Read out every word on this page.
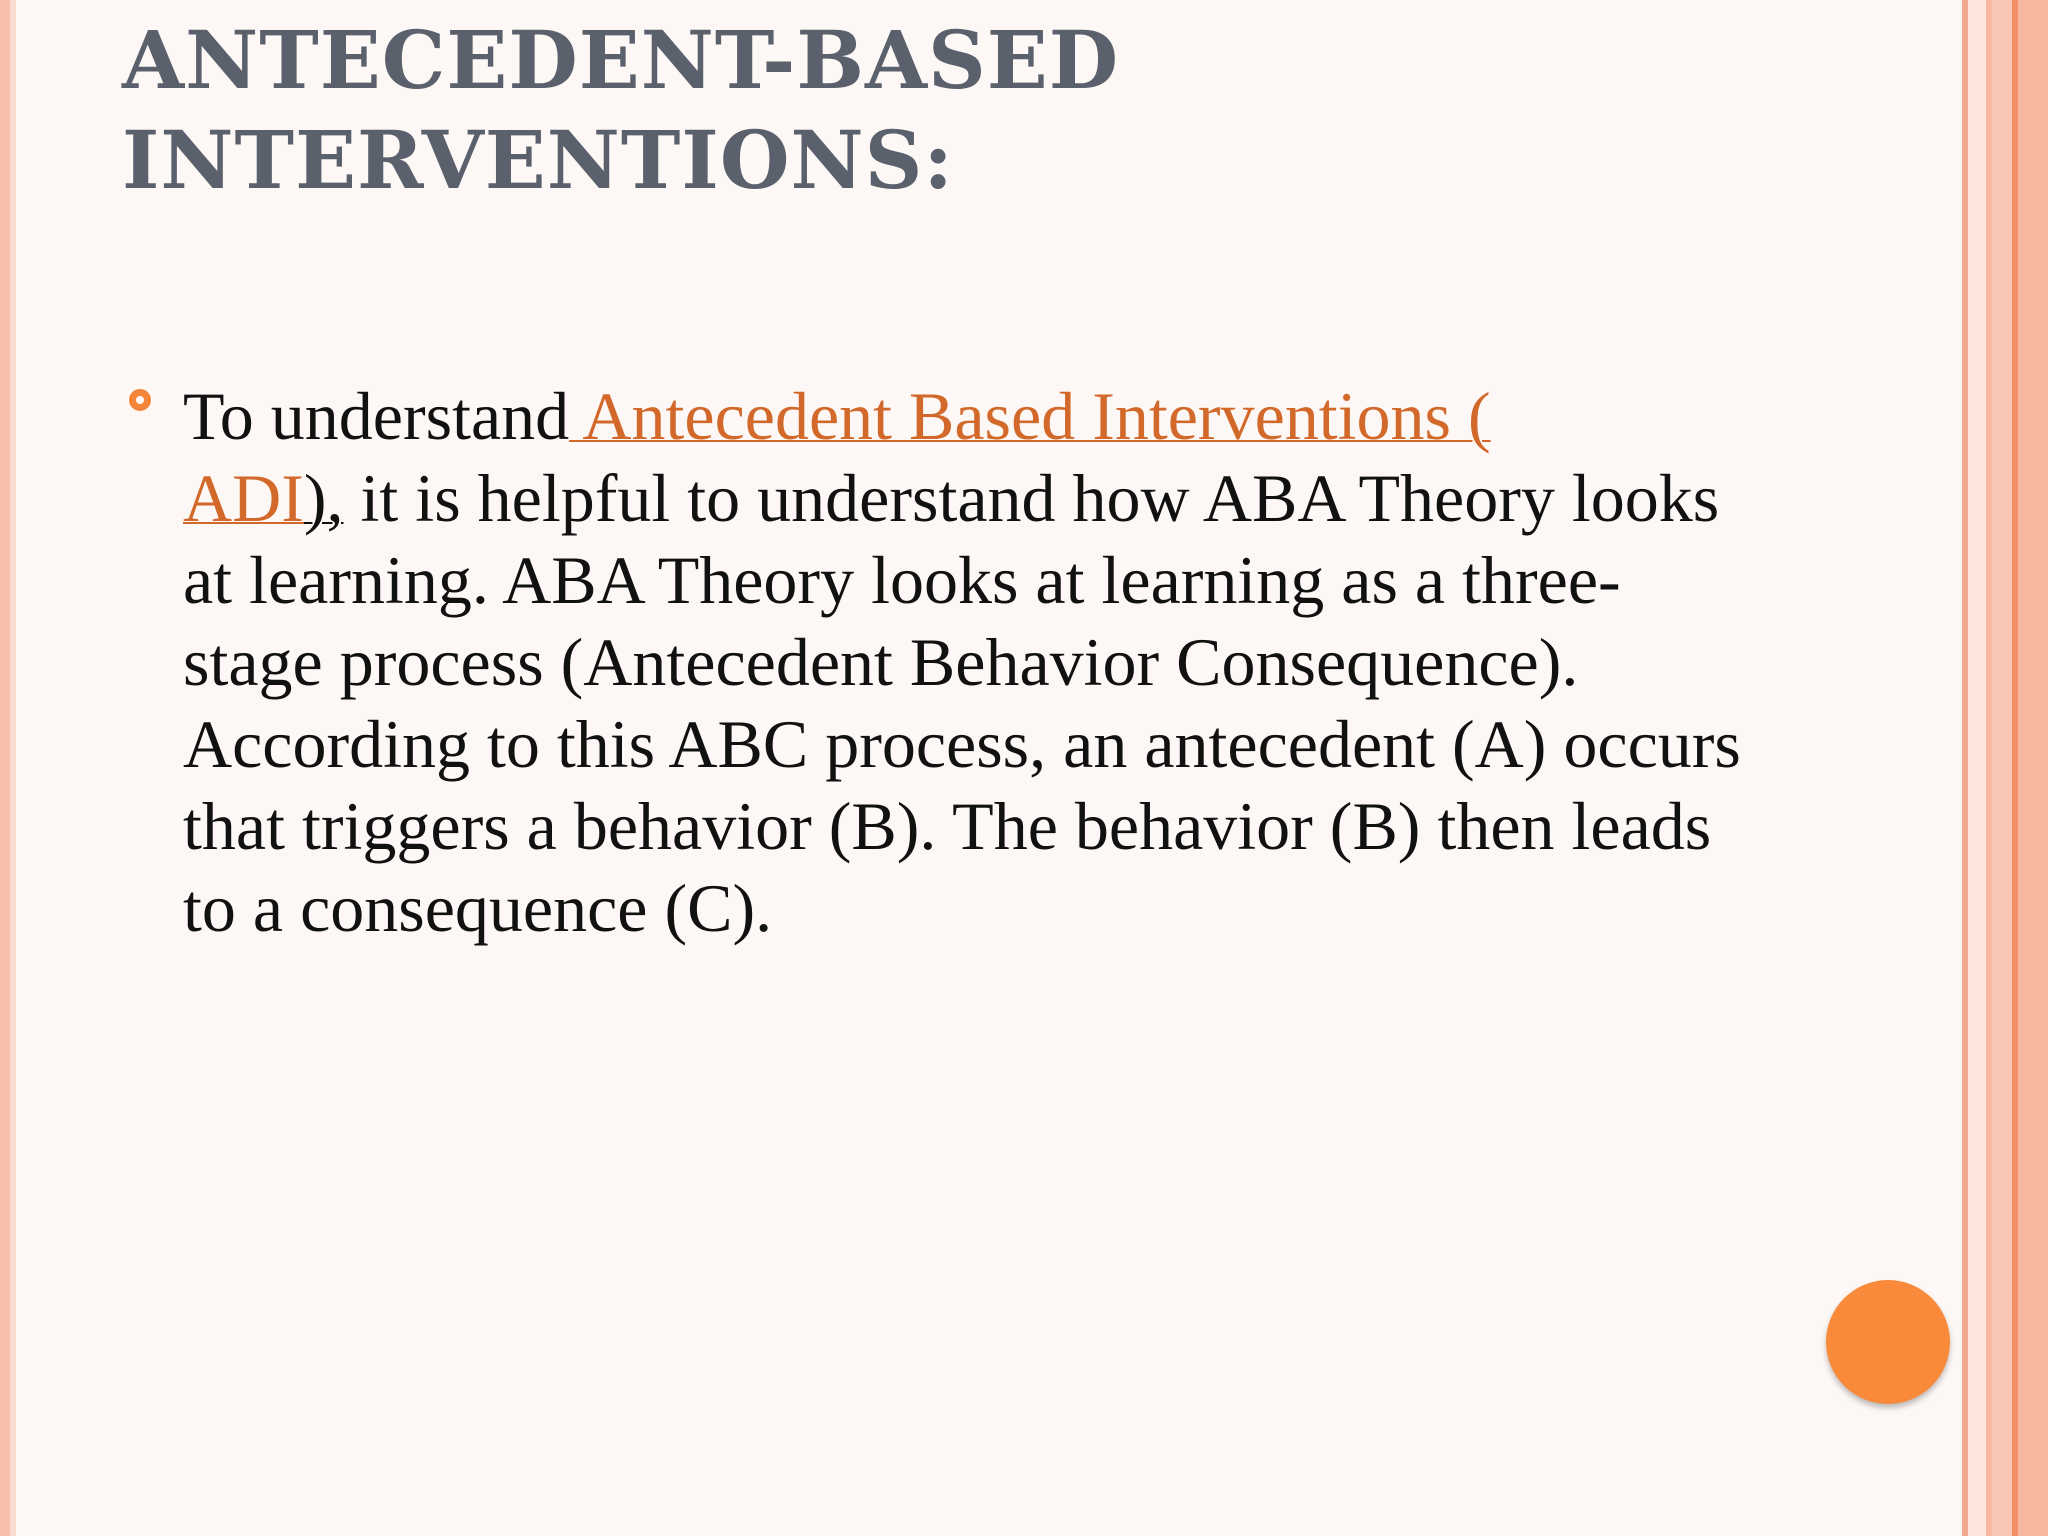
ANTECEDENT-BASED
INTERVENTIONS:

To understand Antecedent Based Interventions (
ADI), it is helpful to understand how ABA Theory looks at learning. ABA Theory looks at learning as a three-stage process (Antecedent Behavior Consequence). According to this ABC process, an antecedent (A) occurs that triggers a behavior (B). The behavior (B) then leads to a consequence (C).
